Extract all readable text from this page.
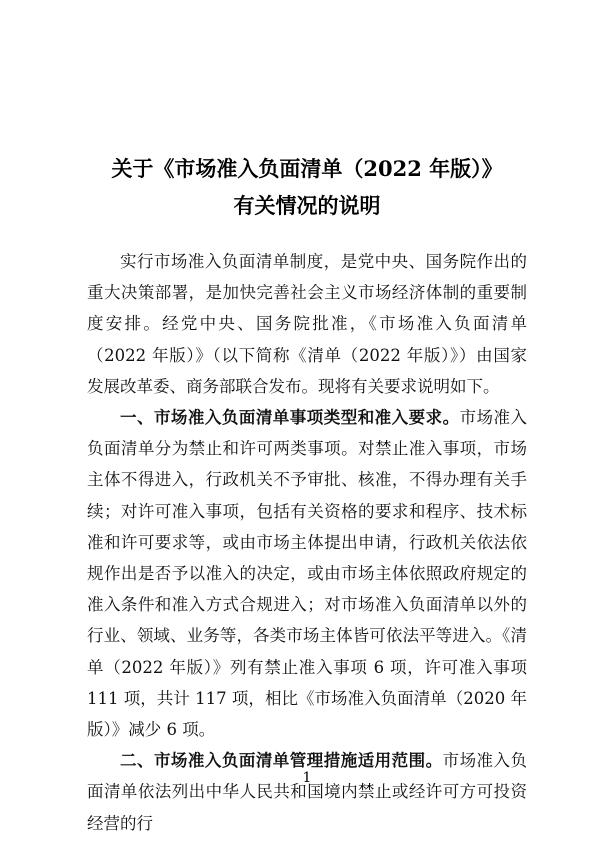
关于《市场准入负面清单（2022 年版）》
有关情况的说明

实行市场准入负面清单制度，是党中央、国务院作出的重大决策部署，是加快完善社会主义市场经济体制的重要制度安排。经党中央、国务院批准，《市场准入负面清单（2022 年版）》（以下简称《清单（2022 年版）》）由国家发展改革委、商务部联合发布。现将有关要求说明如下。

一、市场准入负面清单事项类型和准入要求。市场准入负面清单分为禁止和许可两类事项。对禁止准入事项，市场主体不得进入，行政机关不予审批、核准，不得办理有关手续；对许可准入事项，包括有关资格的要求和程序、技术标准和许可要求等，或由市场主体提出申请，行政机关依法依规作出是否予以准入的决定，或由市场主体依照政府规定的准入条件和准入方式合规进入；对市场准入负面清单以外的行业、领域、业务等，各类市场主体皆可依法平等进入。《清单（2022 年版）》列有禁止准入事项 6 项，许可准入事项 111 项，共计 117 项，相比《市场准入负面清单（2020 年版）》减少 6 项。

二、市场准入负面清单管理措施适用范围。市场准入负面清单依法列出中华人民共和国境内禁止或经许可方可投资经营的行

1
